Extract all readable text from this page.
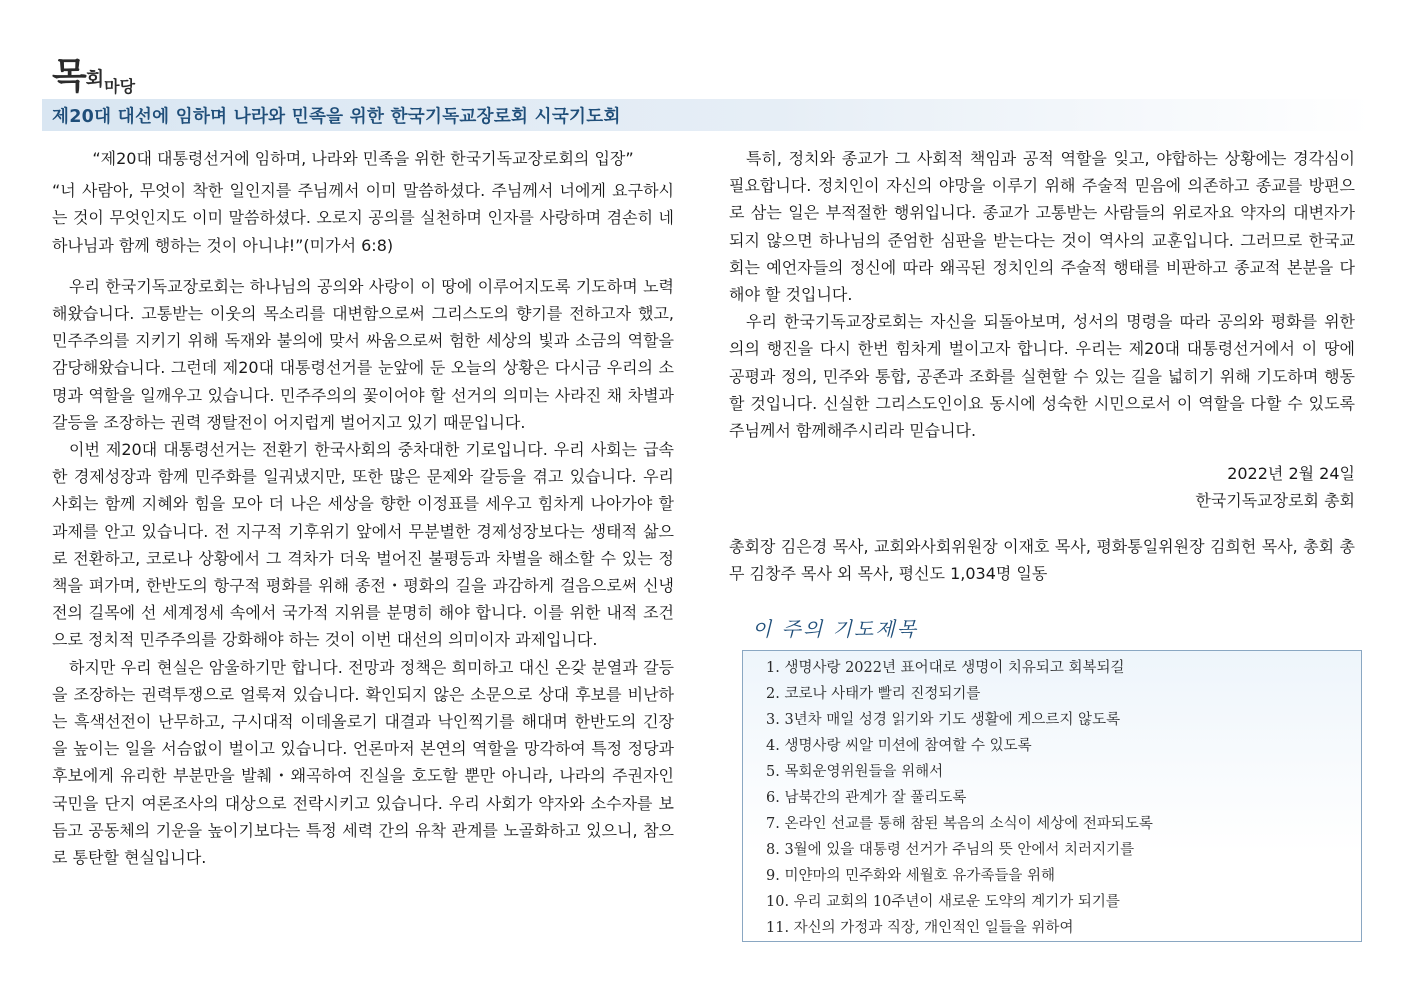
목회마당
제20대 대선에 임하며 나라와 민족을 위한 한국기독교장로회 시국기도회

“제20대 대통령선거에 임하며, 나라와 민족을 위한 한국기독교장로회의 입장”

“너 사람아, 무엇이 착한 일인지를 주님께서 이미 말씀하셨다. 주님께서 너에게 요구하시는 것이 무엇인지도 이미 말씀하셨다. 오로지 공의를 실천하며 인자를 사랑하며 겸손히 네 하나님과 함께 행하는 것이 아니냐!”(미가서 6:8)

우리 한국기독교장로회는 하나님의 공의와 사랑이 이 땅에 이루어지도록 기도하며 노력해왔습니다. 고통받는 이웃의 목소리를 대변함으로써 그리스도의 향기를 전하고자 했고, 민주주의를 지키기 위해 독재와 불의에 맞서 싸움으로써 험한 세상의 빛과 소금의 역할을 감당해왔습니다. 그런데 제20대 대통령선거를 눈앞에 둔 오늘의 상황은 다시금 우리의 소명과 역할을 일깨우고 있습니다. 민주주의의 꽃이어야 할 선거의 의미는 사라진 채 차별과 갈등을 조장하는 권력 쟁탈전이 어지럽게 벌어지고 있기 때문입니다.

이번 제20대 대통령선거는 전환기 한국사회의 중차대한 기로입니다. 우리 사회는 급속한 경제성장과 함께 민주화를 일궈냈지만, 또한 많은 문제와 갈등을 겪고 있습니다. 우리 사회는 함께 지혜와 힘을 모아 더 나은 세상을 향한 이정표를 세우고 힘차게 나아가야 할 과제를 안고 있습니다. 전 지구적 기후위기 앞에서 무분별한 경제성장보다는 생태적 삶으로 전환하고, 코로나 상황에서 그 격차가 더욱 벌어진 불평등과 차별을 해소할 수 있는 정책을 펴가며, 한반도의 항구적 평화를 위해 종전・평화의 길을 과감하게 걸음으로써 신냉전의 길목에 선 세계정세 속에서 국가적 지위를 분명히 해야 합니다. 이를 위한 내적 조건으로 정치적 민주주의를 강화해야 하는 것이 이번 대선의 의미이자 과제입니다.

하지만 우리 현실은 암울하기만 합니다. 전망과 정책은 희미하고 대신 온갖 분열과 갈등을 조장하는 권력투쟁으로 얼룩져 있습니다. 확인되지 않은 소문으로 상대 후보를 비난하는 흑색선전이 난무하고, 구시대적 이데올로기 대결과 낙인찍기를 해대며 한반도의 긴장을 높이는 일을 서슴없이 벌이고 있습니다. 언론마저 본연의 역할을 망각하여 특정 정당과 후보에게 유리한 부분만을 발췌・왜곡하여 진실을 호도할 뿐만 아니라, 나라의 주권자인 국민을 단지 여론조사의 대상으로 전락시키고 있습니다. 우리 사회가 약자와 소수자를 보듬고 공동체의 기운을 높이기보다는 특정 세력 간의 유착 관계를 노골화하고 있으니, 참으로 통탄할 현실입니다.

특히, 정치와 종교가 그 사회적 책임과 공적 역할을 잊고, 야합하는 상황에는 경각심이 필요합니다. 정치인이 자신의 야망을 이루기 위해 주술적 믿음에 의존하고 종교를 방편으로 삼는 일은 부적절한 행위입니다. 종교가 고통받는 사람들의 위로자요 약자의 대변자가 되지 않으면 하나님의 준엄한 심판을 받는다는 것이 역사의 교훈입니다. 그러므로 한국교회는 예언자들의 정신에 따라 왜곡된 정치인의 주술적 행태를 비판하고 종교적 본분을 다해야 할 것입니다.

우리 한국기독교장로회는 자신을 되돌아보며, 성서의 명령을 따라 공의와 평화를 위한 의의 행진을 다시 한번 힘차게 벌이고자 합니다. 우리는 제20대 대통령선거에서 이 땅에 공평과 정의, 민주와 통합, 공존과 조화를 실현할 수 있는 길을 넓히기 위해 기도하며 행동할 것입니다. 신실한 그리스도인이요 동시에 성숙한 시민으로서 이 역할을 다할 수 있도록 주님께서 함께해주시리라 믿습니다.

2022년 2월 24일

한국기독교장로회 총회

총회장 김은경 목사, 교회와사회위원장 이재호 목사, 평화통일위원장 김희헌 목사, 총회 총무 김창주 목사 외 목사, 평신도 1,034명 일동

이 주의 기도제목
1. 생명사랑 2022년 표어대로 생명이 치유되고 회복되길
2. 코로나 사태가 빨리 진정되기를
3. 3년차 매일 성경 읽기와 기도 생활에 게으르지 않도록
4. 생명사랑 씨알 미션에 참여할 수 있도록
5. 목회운영위원들을 위해서
6. 남북간의 관계가 잘 풀리도록
7. 온라인 선교를 통해 참된 복음의 소식이 세상에 전파되도록
8. 3월에 있을 대통령 선거가 주님의 뜻 안에서 치러지기를
9. 미얀마의 민주화와 세월호 유가족들을 위해
10. 우리 교회의 10주년이 새로운 도약의 계기가 되기를
11. 자신의 가정과 직장, 개인적인 일들을 위하여
